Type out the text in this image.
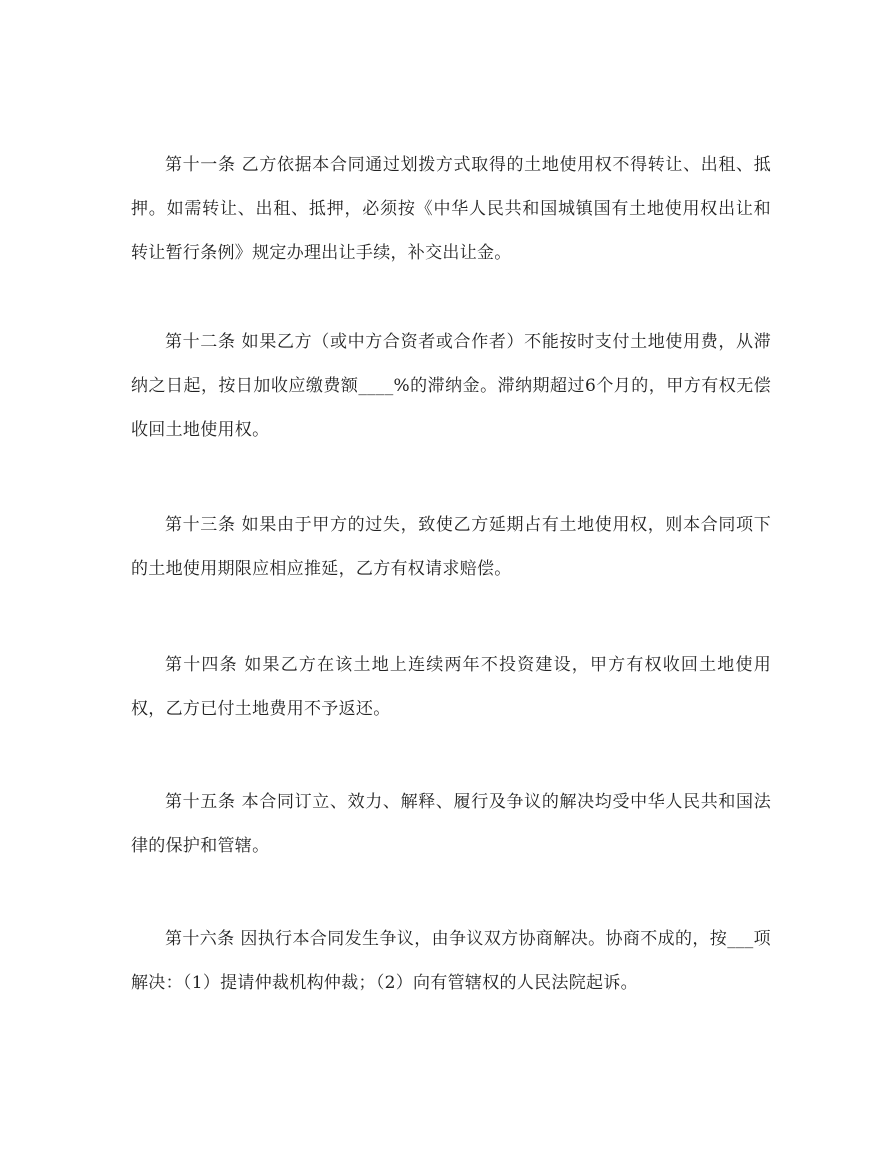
第十一条 乙方依据本合同通过划拨方式取得的土地使用权不得转让、出租、抵押。如需转让、出租、抵押，必须按《中华人民共和国城镇国有土地使用权出让和转让暂行条例》规定办理出让手续，补交出让金。

第十二条 如果乙方（或中方合资者或合作者）不能按时支付土地使用费，从滞纳之日起，按日加收应缴费额____%的滞纳金。滞纳期超过6个月的，甲方有权无偿收回土地使用权。

第十三条 如果由于甲方的过失，致使乙方延期占有土地使用权，则本合同项下的土地使用期限应相应推延，乙方有权请求赔偿。

第十四条 如果乙方在该土地上连续两年不投资建设，甲方有权收回土地使用权，乙方已付土地费用不予返还。

第十五条 本合同订立、效力、解释、履行及争议的解决均受中华人民共和国法律的保护和管辖。

第十六条 因执行本合同发生争议，由争议双方协商解决。协商不成的，按___项解决：（1）提请仲裁机构仲裁；（2）向有管辖权的人民法院起诉。
